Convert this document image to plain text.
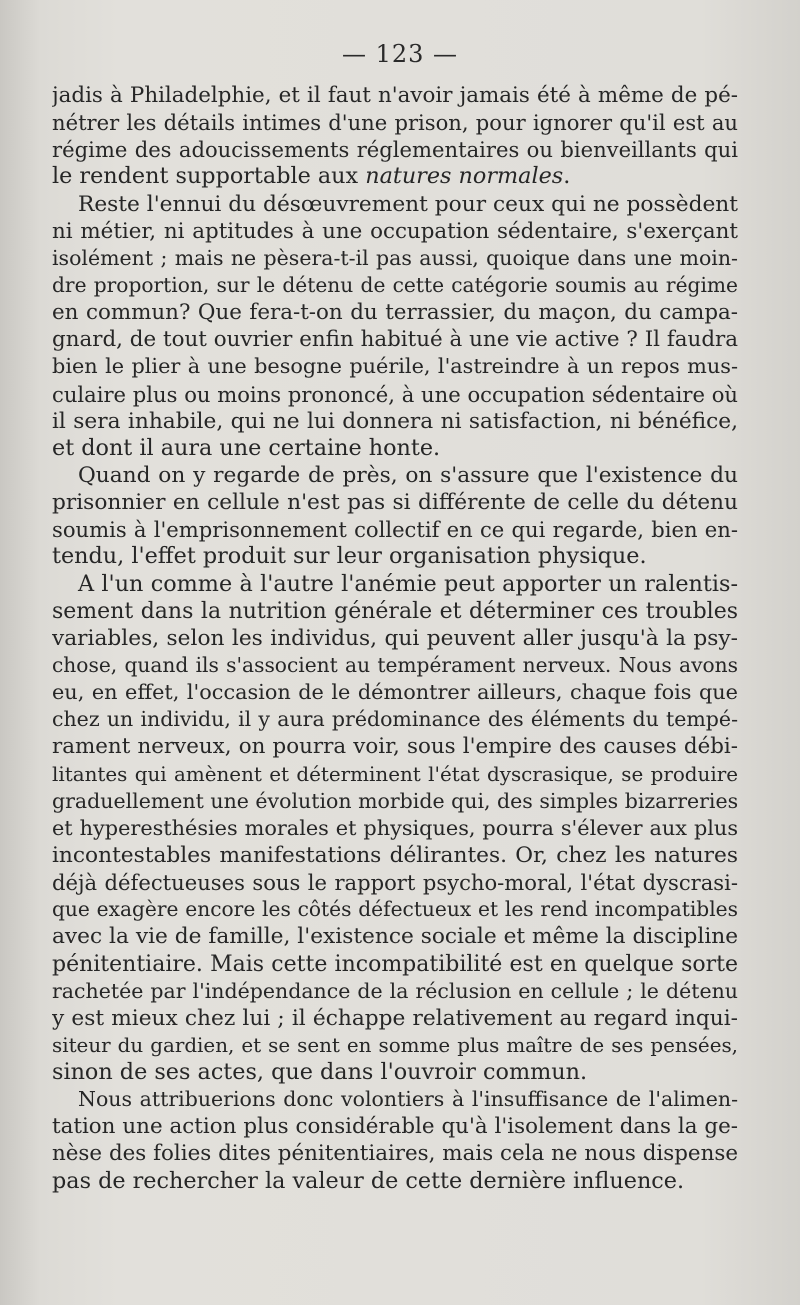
— 123 —
jadis à Philadelphie, et il faut n'avoir jamais été à même de pé-
nétrer les détails intimes d'une prison, pour ignorer qu'il est au
régime des adoucissements réglementaires ou bienveillants qui
le rendent supportable aux natures normales.
Reste l'ennui du désœuvrement pour ceux qui ne possèdent
ni métier, ni aptitudes à une occupation sédentaire, s'exerçant
isolément ; mais ne pèsera-t-il pas aussi, quoique dans une moin-
dre proportion, sur le détenu de cette catégorie soumis au régime
en commun? Que fera-t-on du terrassier, du maçon, du campa-
gnard, de tout ouvrier enfin habitué à une vie active ? Il faudra
bien le plier à une besogne puérile, l'astreindre à un repos mus-
culaire plus ou moins prononcé, à une occupation sédentaire où
il sera inhabile, qui ne lui donnera ni satisfaction, ni bénéfice,
et dont il aura une certaine honte.
Quand on y regarde de près, on s'assure que l'existence du
prisonnier en cellule n'est pas si différente de celle du détenu
soumis à l'emprisonnement collectif en ce qui regarde, bien en-
tendu, l'effet produit sur leur organisation physique.
A l'un comme à l'autre l'anémie peut apporter un ralentis-
sement dans la nutrition générale et déterminer ces troubles
variables, selon les individus, qui peuvent aller jusqu'à la psy-
chose, quand ils s'associent au tempérament nerveux. Nous avons
eu, en effet, l'occasion de le démontrer ailleurs, chaque fois que
chez un individu, il y aura prédominance des éléments du tempé-
rament nerveux, on pourra voir, sous l'empire des causes débi-
litantes qui amènent et déterminent l'état dyscrasique, se produire
graduellement une évolution morbide qui, des simples bizarreries
et hyperesthésies morales et physiques, pourra s'élever aux plus
incontestables manifestations délirantes. Or, chez les natures
déjà défectueuses sous le rapport psycho-moral, l'état dyscrasi-
que exagère encore les côtés défectueux et les rend incompatibles
avec la vie de famille, l'existence sociale et même la discipline
pénitentiaire. Mais cette incompatibilité est en quelque sorte
rachetée par l'indépendance de la réclusion en cellule ; le détenu
y est mieux chez lui ; il échappe relativement au regard inqui-
siteur du gardien, et se sent en somme plus maître de ses pensées,
sinon de ses actes, que dans l'ouvroir commun.
Nous attribuerions donc volontiers à l'insuffisance de l'alimen-
tation une action plus considérable qu'à l'isolement dans la ge-
nèse des folies dites pénitentiaires, mais cela ne nous dispense
pas de rechercher la valeur de cette dernière influence.
